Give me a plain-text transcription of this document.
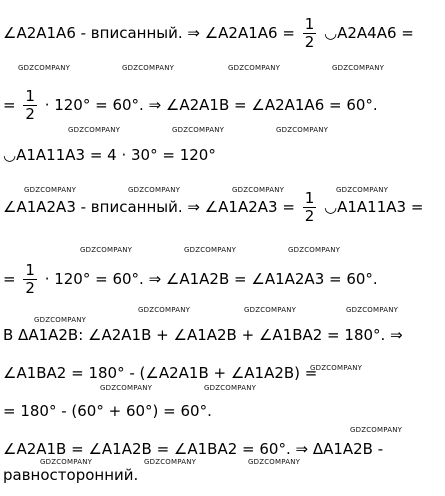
∠A2A1A6 - вписанный. ⇒ ∠A2A1A6 = $\frac{1}{2}$ ◡A2A4A6 =
= $\frac{1}{2} \cdot 120^\circ = 60^\circ$. ⇒ ∠A2A1B = ∠A2A1A6 = 60°.
◡A1A11A3 = 4 · 30° = 120°
∠A1A2A3 - вписанный. ⇒ ∠A1A2A3 = $\frac{1}{2}$ ◡A1A11A3 =
= $\frac{1}{2} \cdot 120^\circ = 60^\circ$. ⇒ ∠A1A2B = ∠A1A2A3 = 60°.
В ΔA1A2B: ∠A2A1B + ∠A1A2B + ∠A1BA2 = 180°. ⇒
∠A1BA2 = 180° - (∠A2A1B + ∠A1A2B) =
= 180° - (60° + 60°) = 60°.
∠A2A1B = ∠A1A2B = ∠A1BA2 = 60°. ⇒ ΔA1A2B -
равносторонний.
GDZCOMPANY	GDZCOMPANY	GDZCOMPANY	GDZCOMPANY
GDZCOMPANY	GDZCOMPANY	GDZCOMPANY
GDZCOMPANY	GDZCOMPANY	GDZCOMPANY	GDZCOMPANY
GDZCOMPANY	GDZCOMPANY	GDZCOMPANY
GDZCOMPANY
GDZCOMPANY	GDZCOMPANY	GDZCOMPANY
GDZCOMPANY
GDZCOMPANY	GDZCOMPANY
GDZCOMPANY
GDZCOMPANY	GDZCOMPANY	GDZCOMPANY
